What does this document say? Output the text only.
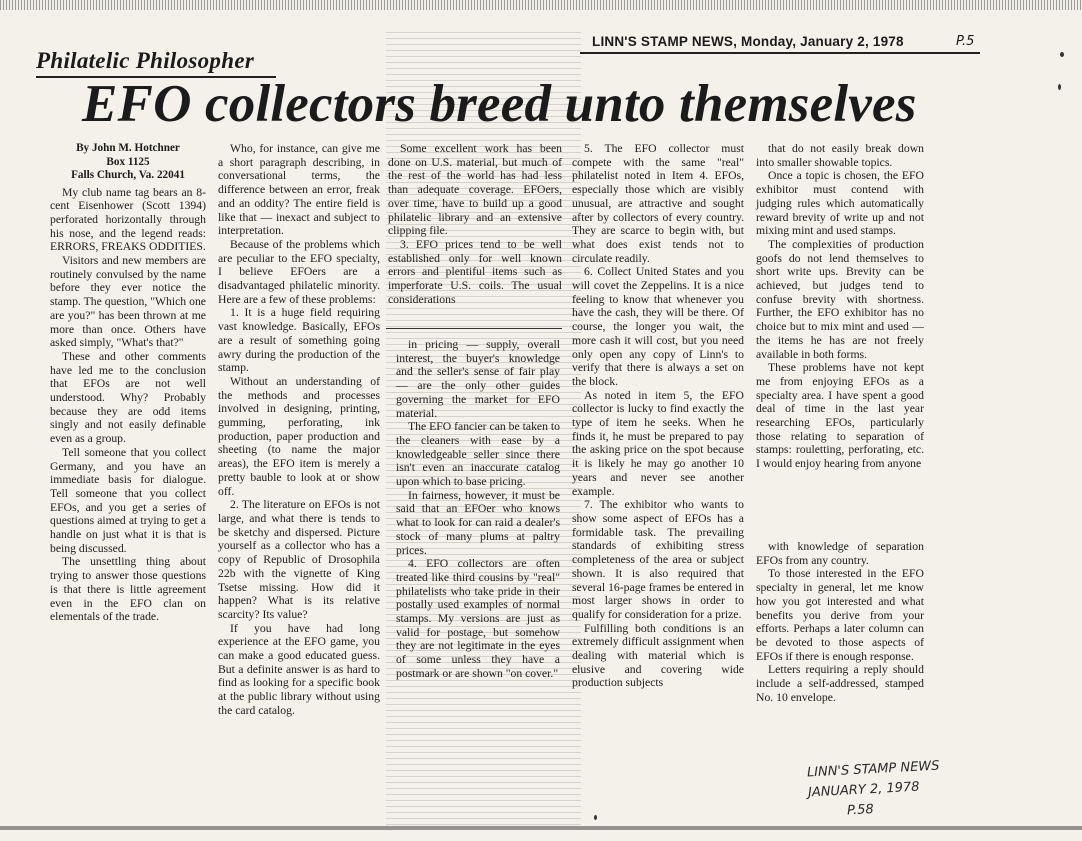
Philatelic Philosopher
LINN'S STAMP NEWS, Monday, January 2, 1978	P.5
EFO collectors breed unto themselves
By John M. Hotchner
Box 1125
Falls Church, Va. 22041

My club name tag bears an 8-cent Eisenhower (Scott 1394) perforated horizontally through his nose, and the legend reads: ERRORS, FREAKS ODDITIES.

Visitors and new members are routinely convulsed by the name before they ever notice the stamp. The question, "Which one are you?" has been thrown at me more than once. Others have asked simply, "What's that?"

These and other comments have led me to the conclusion that EFOs are not well understood. Why? Probably because they are odd items singly and not easily definable even as a group.

Tell someone that you collect Germany, and you have an immediate basis for dialogue. Tell someone that you collect EFOs, and you get a series of questions aimed at trying to get a handle on just what it is that is being discussed.

The unsettling thing about trying to answer those questions is that there is little agreement even in the EFO clan on elementals of the trade.

Who, for instance, can give me a short paragraph describing, in conversational terms, the difference between an error, freak and an oddity? The entire field is like that — inexact and subject to interpretation.

Because of the problems which are peculiar to the EFO specialty, I believe EFOers are a disadvantaged philatelic minority. Here are a few of these problems:

1. It is a huge field requiring vast knowledge. Basically, EFOs are a result of something going awry during the production of the stamp.

Without an understanding of the methods and processes involved in designing, printing, gumming, perforating, ink production, paper production and sheeting (to name the major areas), the EFO item is merely a pretty bauble to look at or show off.

2. The literature on EFOs is not large, and what there is tends to be sketchy and dispersed. Picture yourself as a collector who has a copy of Republic of Drosophila 22b with the vignette of King Tsetse missing. How did it happen? What is its relative scarcity? Its value?

If you have had long experience at the EFO game, you can make a good educated guess. But a definite answer is as hard to find as looking for a specific book at the public library without using the card catalog.

Some excellent work has been done on U.S. material, but much of the rest of the world has had less than adequate coverage. EFOers, over time, have to build up a good philatelic library and an extensive clipping file.

3. EFO prices tend to be well established only for well known errors and plentiful items such as imperforate U.S. coils. The usual considerations

in pricing — supply, overall interest, the buyer's knowledge and the seller's sense of fair play — are the only other guides governing the market for EFO material.

The EFO fancier can be taken to the cleaners with ease by a knowledgeable seller since there isn't even an inaccurate catalog upon which to base pricing.

In fairness, however, it must be said that an EFOer who knows what to look for can raid a dealer's stock of many plums at paltry prices.

4. EFO collectors are often treated like third cousins by "real" philatelists who take pride in their postally used examples of normal stamps. My versions are just as valid for postage, but somehow they are not legitimate in the eyes of some unless they have a postmark or are shown "on cover."

5. The EFO collector must compete with the same "real" philatelist noted in Item 4. EFOs, especially those which are visibly unusual, are attractive and sought after by collectors of every country. They are scarce to begin with, but what does exist tends not to circulate readily.

6. Collect United States and you will covet the Zeppelins. It is a nice feeling to know that whenever you have the cash, they will be there. Of course, the longer you wait, the more cash it will cost, but you need only open any copy of Linn's to verify that there is always a set on the block.

As noted in item 5, the EFO collector is lucky to find exactly the type of item he seeks. When he finds it, he must be prepared to pay the asking price on the spot because it is likely he may go another 10 years and never see another example.

7. The exhibitor who wants to show some aspect of EFOs has a formidable task. The prevailing standards of exhibiting stress completeness of the area or subject shown. It is also required that several 16-page frames be entered in most larger shows in order to qualify for consideration for a prize.

Fulfilling both conditions is an extremely difficult assignment when dealing with material which is elusive and covering wide production subjects

that do not easily break down into smaller showable topics.

Once a topic is chosen, the EFO exhibitor must contend with judging rules which automatically reward brevity of write up and not mixing mint and used stamps.

The complexities of production goofs do not lend themselves to short write ups. Brevity can be achieved, but judges tend to confuse brevity with shortness. Further, the EFO exhibitor has no choice but to mix mint and used — the items he has are not freely available in both forms.

These problems have not kept me from enjoying EFOs as a specialty area. I have spent a good deal of time in the last year researching EFOs, particularly those relating to separation of stamps: rouletting, perforating, etc. I would enjoy hearing from anyone

with knowledge of separation EFOs from any country.

To those interested in the EFO specialty in general, let me know how you got interested and what benefits you derive from your efforts. Perhaps a later column can be devoted to those aspects of EFOs if there is enough response.

Letters requiring a reply should include a self-addressed, stamped No. 10 envelope.

LINN'S STAMP NEWS
JANUARY 2, 1978
P.58
